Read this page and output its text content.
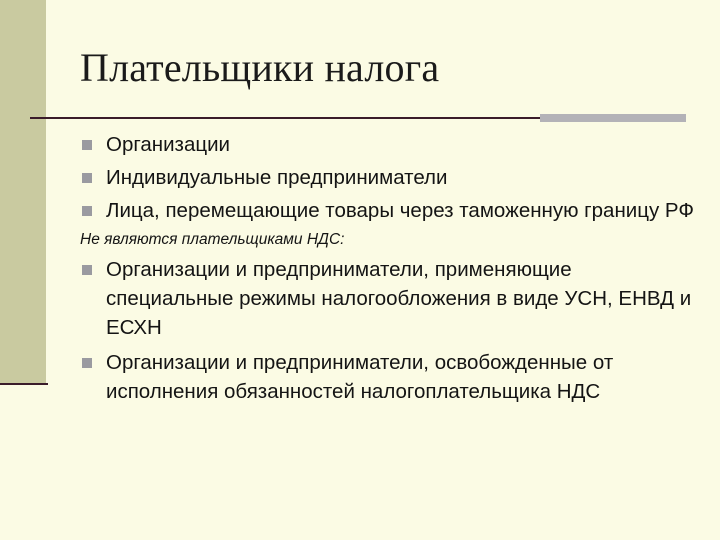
Плательщики налога
Организации
Индивидуальные предприниматели
Лица, перемещающие товары через таможенную границу РФ
Не являются плательщиками НДС:
Организации и предприниматели, применяющие специальные режимы налогообложения в виде УСН, ЕНВД и ЕСХН
Организации и предприниматели, освобожденные от исполнения обязанностей налогоплательщика НДС
